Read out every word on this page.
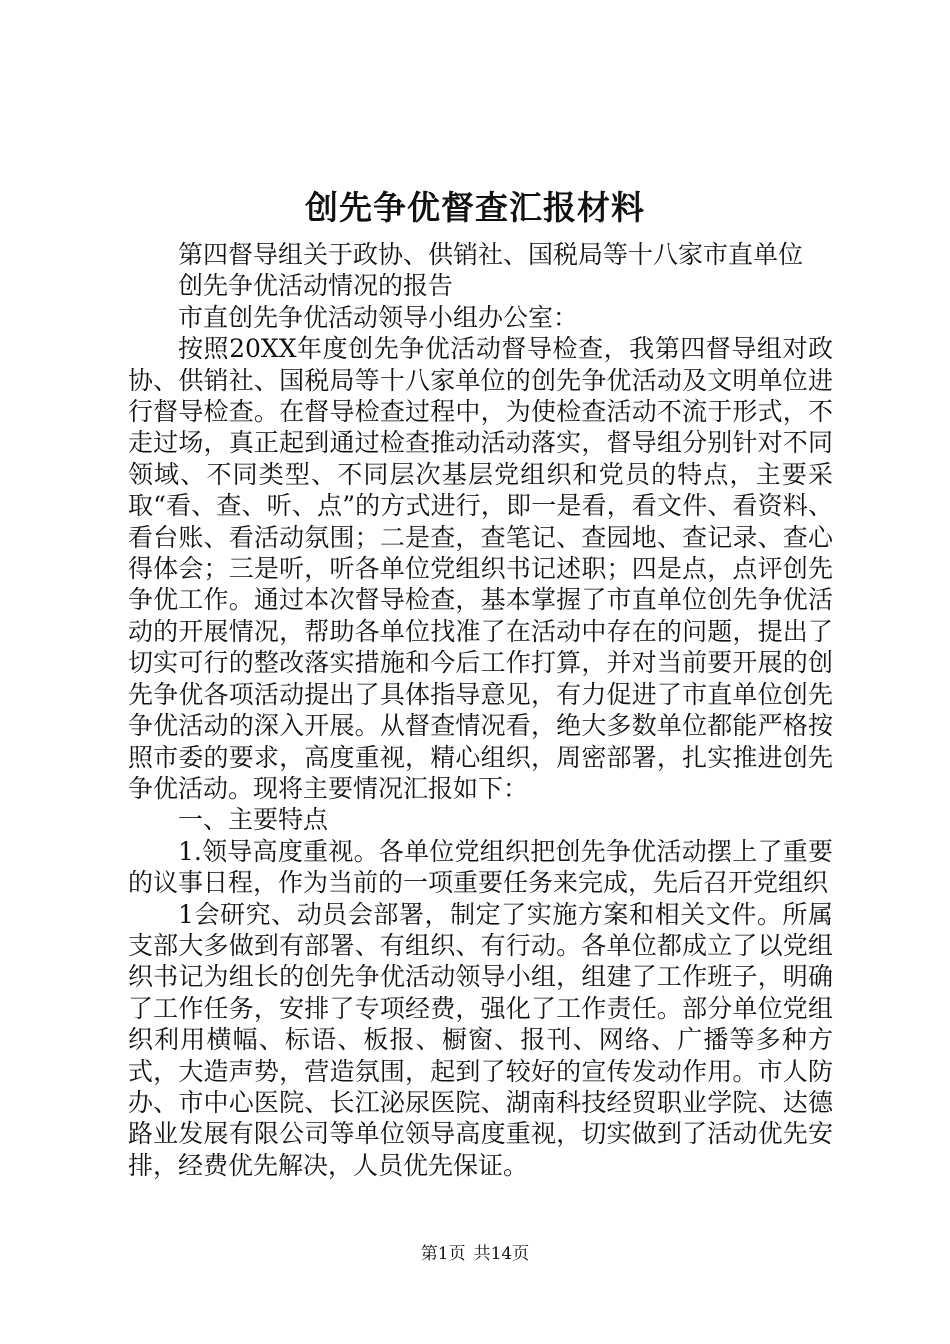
创先争优督查汇报材料

第四督导组关于政协、供销社、国税局等十八家市直单位

创先争优活动情况的报告

市直创先争优活动领导小组办公室：

按照20XX年度创先争优活动督导检查，我第四督导组对政协、供销社、国税局等十八家单位的创先争优活动及文明单位进行督导检查。在督导检查过程中，为使检查活动不流于形式，不走过场，真正起到通过检查推动活动落实，督导组分别针对不同领域、不同类型、不同层次基层党组织和党员的特点，主要采取“看、查、听、点”的方式进行，即一是看，看文件、看资料、看台账、看活动氛围；二是查，查笔记、查园地、查记录、查心得体会；三是听，听各单位党组织书记述职；四是点，点评创先争优工作。通过本次督导检查，基本掌握了市直单位创先争优活动的开展情况，帮助各单位找准了在活动中存在的问题，提出了切实可行的整改落实措施和今后工作打算，并对当前要开展的创先争优各项活动提出了具体指导意见，有力促进了市直单位创先争优活动的深入开展。从督查情况看，绝大多数单位都能严格按照市委的要求，高度重视，精心组织，周密部署，扎实推进创先争优活动。现将主要情况汇报如下：

一、主要特点

1.领导高度重视。各单位党组织把创先争优活动摆上了重要的议事日程，作为当前的一项重要任务来完成，先后召开党组织

1会研究、动员会部署，制定了实施方案和相关文件。所属支部大多做到有部署、有组织、有行动。各单位都成立了以党组织书记为组长的创先争优活动领导小组，组建了工作班子，明确了工作任务，安排了专项经费，强化了工作责任。部分单位党组织利用横幅、标语、板报、橱窗、报刊、网络、广播等多种方式，大造声势，营造氛围，起到了较好的宣传发动作用。市人防办、市中心医院、长江泌尿医院、湖南科技经贸职业学院、达德路业发展有限公司等单位领导高度重视，切实做到了活动优先安排，经费优先解决，人员优先保证。

第1页 共14页
